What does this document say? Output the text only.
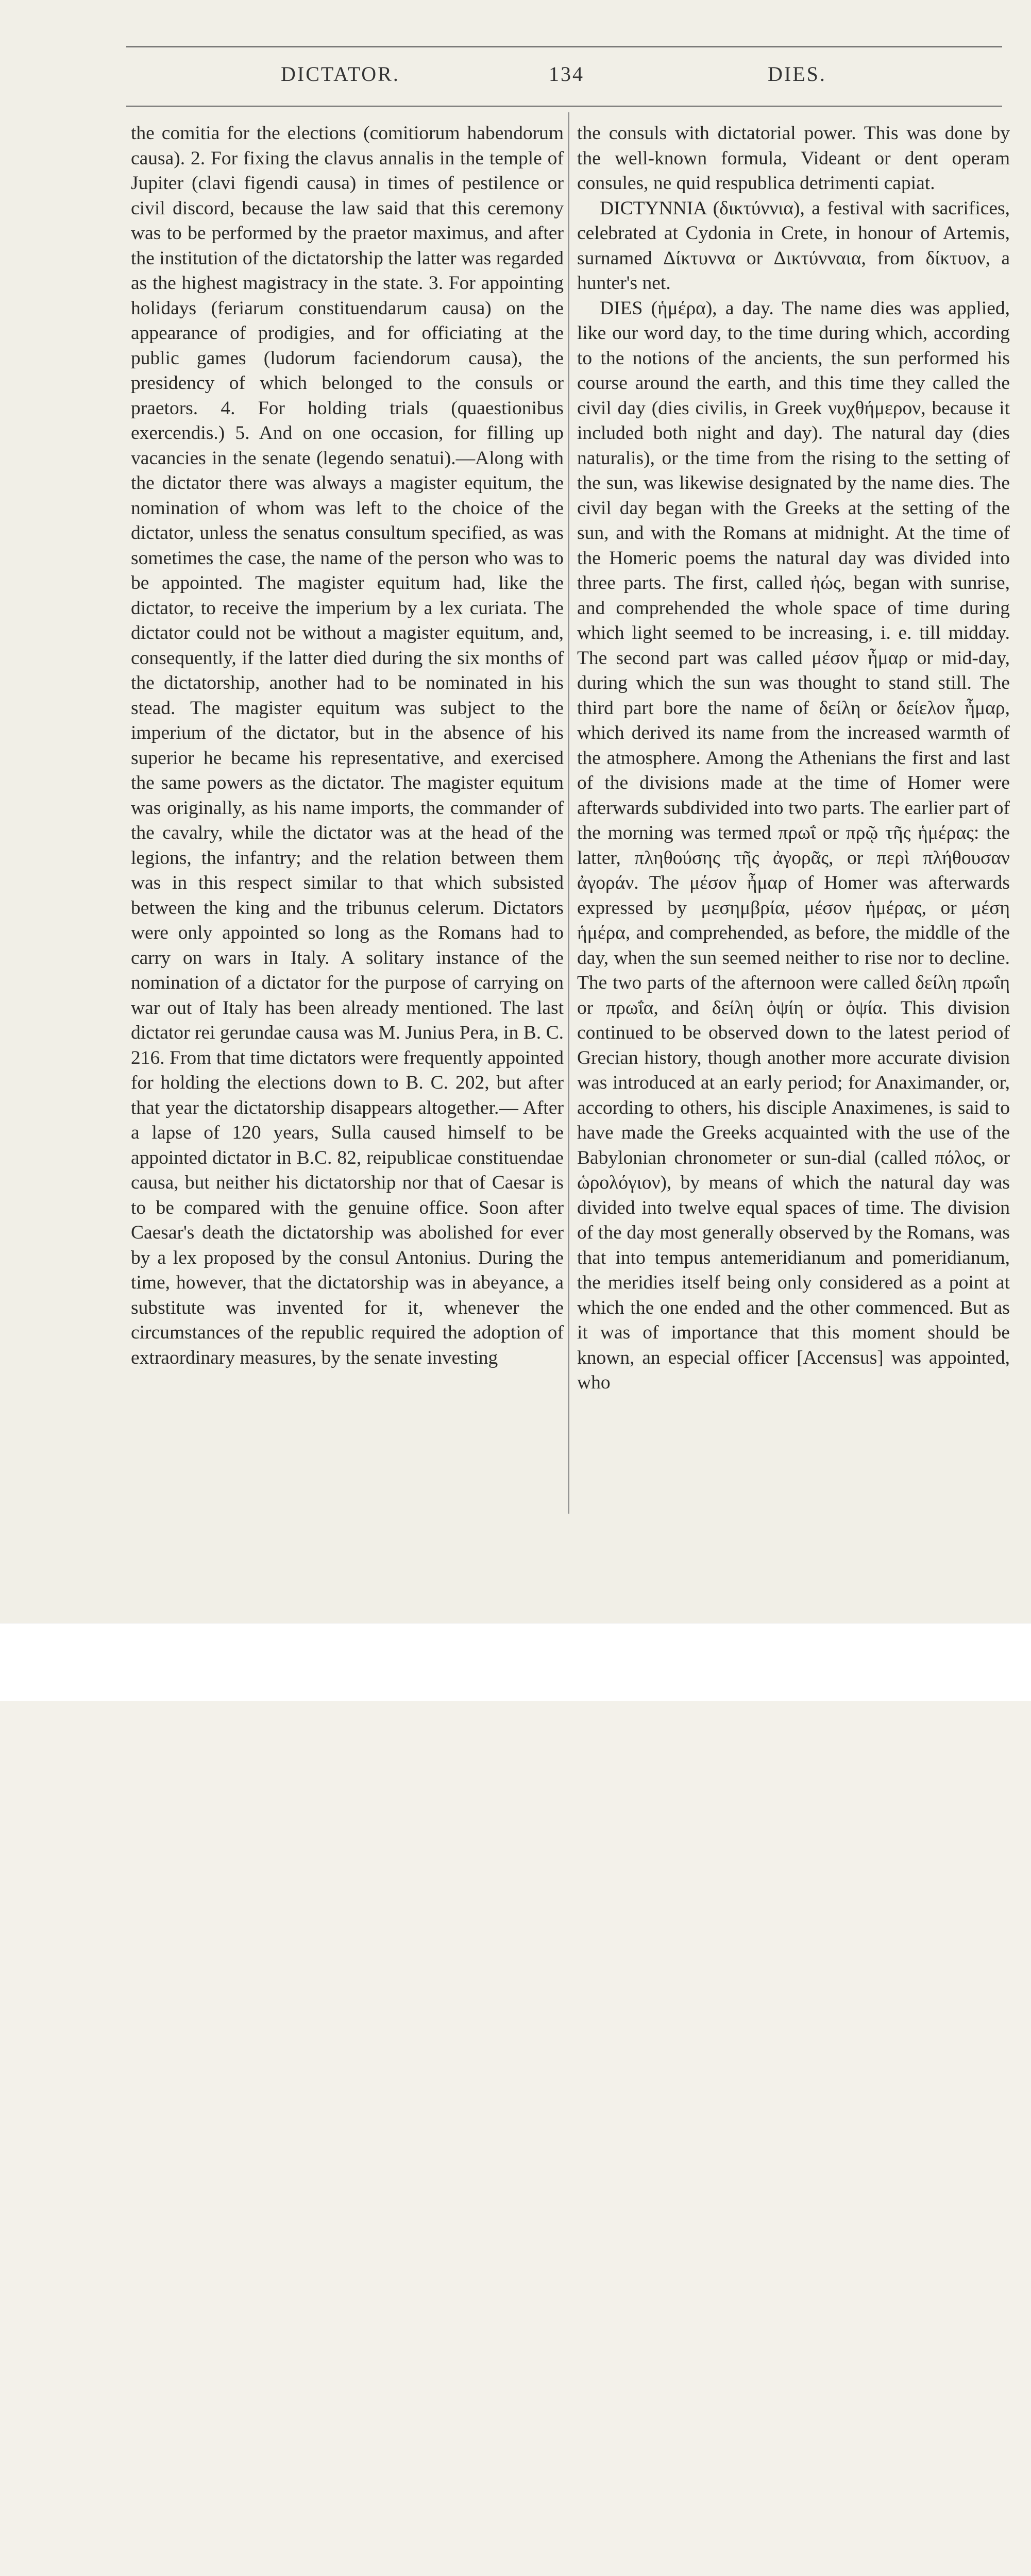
DICTATOR.	134	DIES.

the comitia for the elections (comitiorum habendorum causa). 2. For fixing the clavus annalis in the temple of Jupiter (clavi figendi causa) in times of pestilence or civil discord, because the law said that this ceremony was to be performed by the praetor maximus, and after the institution of the dictatorship the latter was regarded as the highest magistracy in the state. 3. For appointing holidays (feriarum constituendarum causa) on the appearance of prodigies, and for officiating at the public games (ludorum faciendorum causa), the presidency of which belonged to the consuls or praetors. 4. For holding trials (quaestionibus exercendis.) 5. And on one occasion, for filling up vacancies in the senate (legendo senatui).—Along with the dictator there was always a magister equitum, the nomination of whom was left to the choice of the dictator, unless the senatus consultum specified, as was sometimes the case, the name of the person who was to be appointed. The magister equitum had, like the dictator, to receive the imperium by a lex curiata. The dictator could not be without a magister equitum, and, consequently, if the latter died during the six months of the dictatorship, another had to be nominated in his stead. The magister equitum was subject to the imperium of the dictator, but in the absence of his superior he became his representative, and exercised the same powers as the dictator. The magister equitum was originally, as his name imports, the commander of the cavalry, while the dictator was at the head of the legions, the infantry; and the relation between them was in this respect similar to that which subsisted between the king and the tribunus celerum. Dictators were only appointed so long as the Romans had to carry on wars in Italy. A solitary instance of the nomination of a dictator for the purpose of carrying on war out of Italy has been already mentioned. The last dictator rei gerundae causa was M. Junius Pera, in B. C. 216. From that time dictators were frequently appointed for holding the elections down to B. C. 202, but after that year the dictatorship disappears altogether.— After a lapse of 120 years, Sulla caused himself to be appointed dictator in B.C. 82, reipublicae constituendae causa, but neither his dictatorship nor that of Caesar is to be compared with the genuine office. Soon after Caesar's death the dictatorship was abolished for ever by a lex proposed by the consul Antonius. During the time, however, that the dictatorship was in abeyance, a substitute was invented for it, whenever the circumstances of the republic required the adoption of extraordinary measures, by the senate investing

the consuls with dictatorial power. This was done by the well-known formula, Videant or dent operam consules, ne quid respublica detrimenti capiat.

DICTYNNIA (δικτύννια), a festival with sacrifices, celebrated at Cydonia in Crete, in honour of Artemis, surnamed Δίκτυννα or Δικτύνναια, from δίκτυον, a hunter's net.

DIES (ἡμέρα), a day. The name dies was applied, like our word day, to the time during which, according to the notions of the ancients, the sun performed his course around the earth, and this time they called the civil day (dies civilis, in Greek νυχθήμερον, because it included both night and day). The natural day (dies naturalis), or the time from the rising to the setting of the sun, was likewise designated by the name dies. The civil day began with the Greeks at the setting of the sun, and with the Romans at midnight. At the time of the Homeric poems the natural day was divided into three parts. The first, called ἠώς, began with sunrise, and comprehended the whole space of time during which light seemed to be increasing, i. e. till midday. The second part was called μέσον ἦμαρ or mid-day, during which the sun was thought to stand still. The third part bore the name of δείλη or δείελον ἦμαρ, which derived its name from the increased warmth of the atmosphere. Among the Athenians the first and last of the divisions made at the time of Homer were afterwards subdivided into two parts. The earlier part of the morning was termed πρωΐ or πρῷ τῆς ἡμέρας: the latter, πληθούσης τῆς ἀγορᾶς, or περὶ πλήθουσαν ἀγοράν. The μέσον ἦμαρ of Homer was afterwards expressed by μεσημβρία, μέσον ἡμέρας, or μέση ἡμέρα, and comprehended, as before, the middle of the day, when the sun seemed neither to rise nor to decline. The two parts of the afternoon were called δείλη πρωΐη or πρωΐα, and δείλη ὀψίη or ὀψία. This division continued to be observed down to the latest period of Grecian history, though another more accurate division was introduced at an early period; for Anaximander, or, according to others, his disciple Anaximenes, is said to have made the Greeks acquainted with the use of the Babylonian chronometer or sun-dial (called πόλος, or ὡρολόγιον), by means of which the natural day was divided into twelve equal spaces of time. The division of the day most generally observed by the Romans, was that into tempus antemeridianum and pomeridianum, the meridies itself being only considered as a point at which the one ended and the other commenced. But as it was of importance that this moment should be known, an especial officer [Accensus] was appointed, who
